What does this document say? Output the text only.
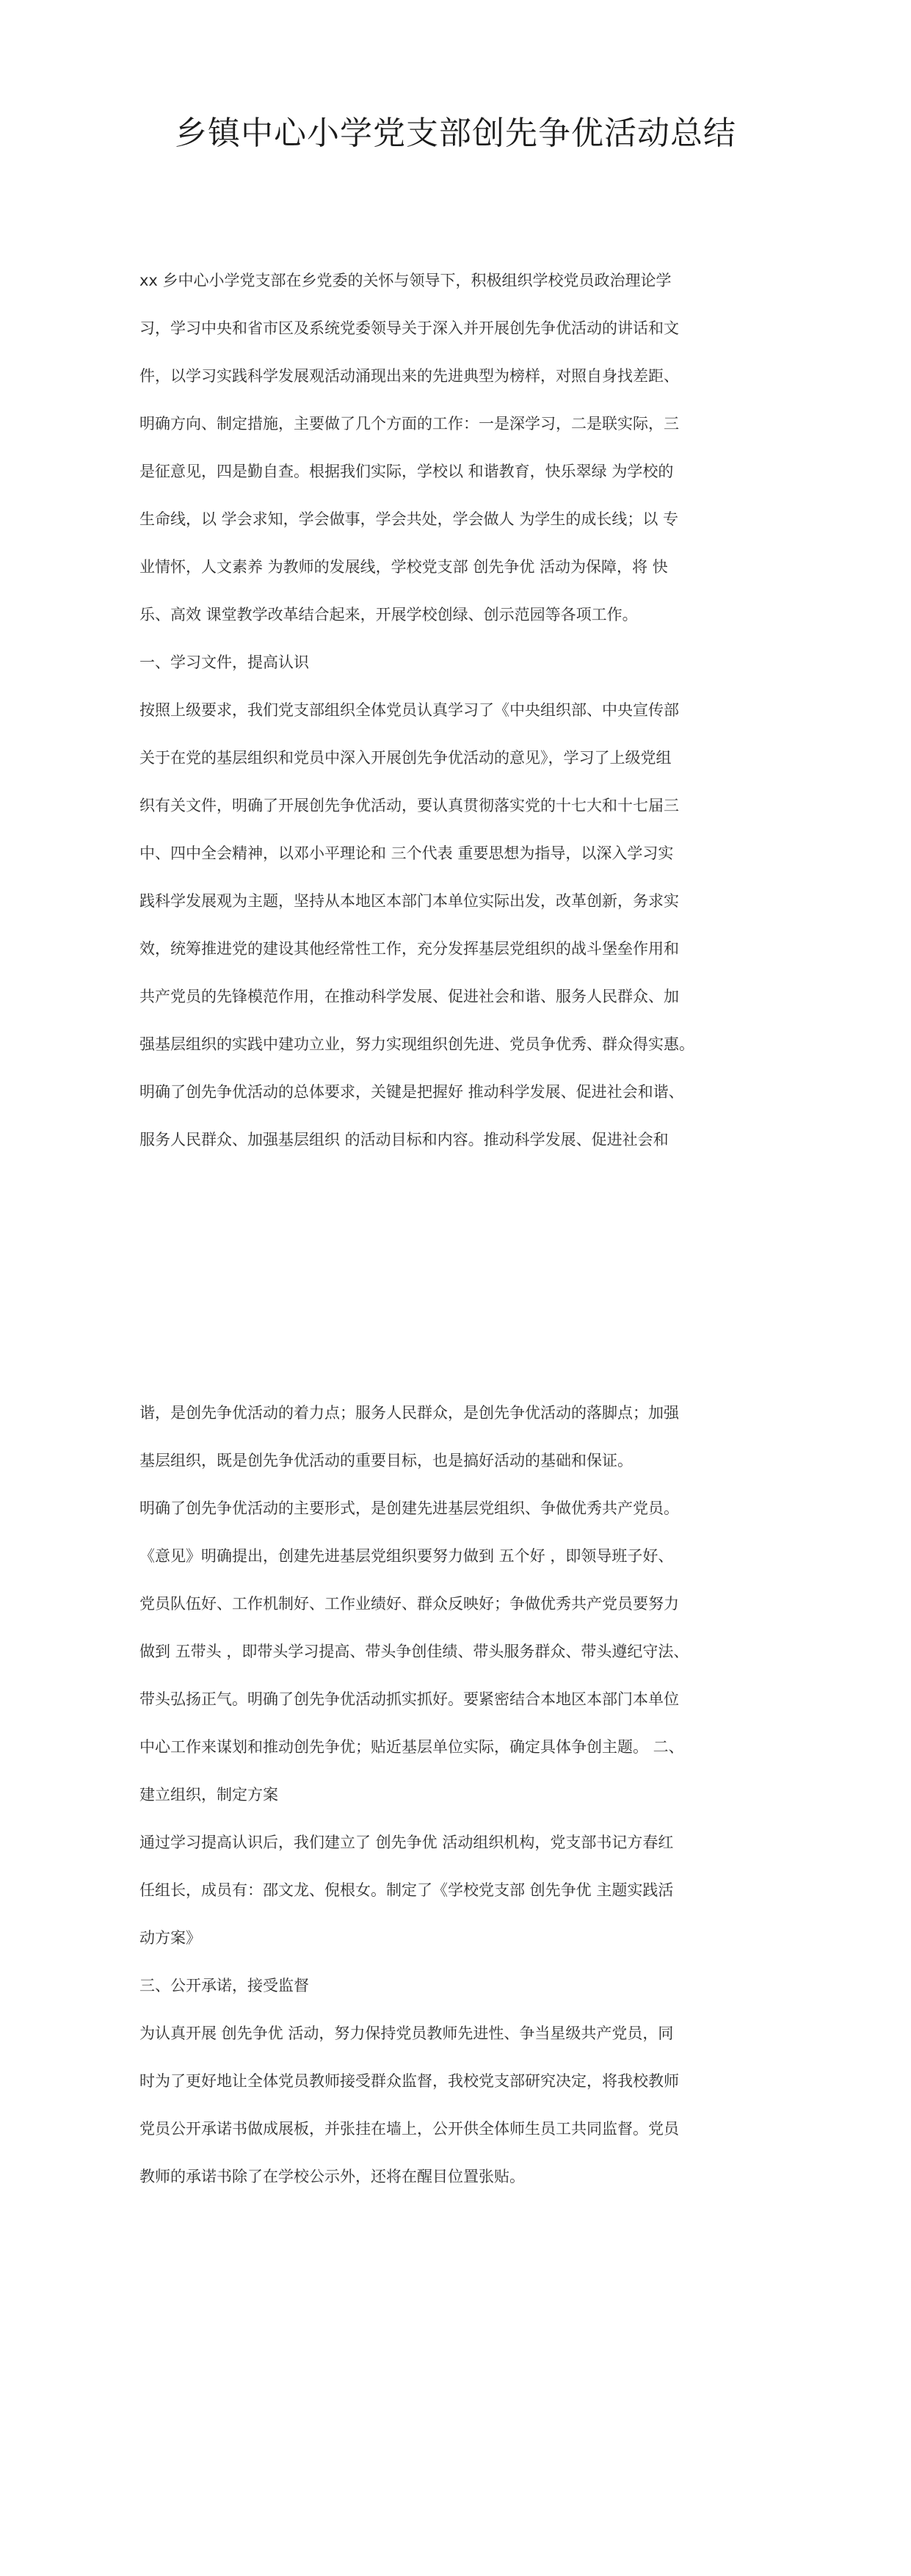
乡镇中心小学党支部创先争优活动总结
xx 乡中心小学党支部在乡党委的关怀与领导下，积极组织学校党员政治理论学
习，学习中央和省市区及系统党委领导关于深入并开展创先争优活动的讲话和文
件，以学习实践科学发展观活动涌现出来的先进典型为榜样，对照自身找差距、
明确方向、制定措施，主要做了几个方面的工作：一是深学习，二是联实际，三
是征意见，四是勤自查。根据我们实际，学校以 和谐教育，快乐翠绿 为学校的
生命线，以 学会求知，学会做事，学会共处，学会做人 为学生的成长线；以 专
业情怀，人文素养 为教师的发展线，学校党支部 创先争优 活动为保障，将 快
乐、高效 课堂教学改革结合起来，开展学校创绿、创示范园等各项工作。
一、学习文件，提高认识
按照上级要求，我们党支部组织全体党员认真学习了《中央组织部、中央宣传部
关于在党的基层组织和党员中深入开展创先争优活动的意见》，学习了上级党组
织有关文件，明确了开展创先争优活动，要认真贯彻落实党的十七大和十七届三
中、四中全会精神，以邓小平理论和 三个代表 重要思想为指导，以深入学习实
践科学发展观为主题，坚持从本地区本部门本单位实际出发，改革创新，务求实
效，统筹推进党的建设其他经常性工作，充分发挥基层党组织的战斗堡垒作用和
共产党员的先锋模范作用，在推动科学发展、促进社会和谐、服务人民群众、加
强基层组织的实践中建功立业，努力实现组织创先进、党员争优秀、群众得实惠。
明确了创先争优活动的总体要求，关键是把握好 推动科学发展、促进社会和谐、
服务人民群众、加强基层组织 的活动目标和内容。推动科学发展、促进社会和
谐，是创先争优活动的着力点；服务人民群众，是创先争优活动的落脚点；加强
基层组织，既是创先争优活动的重要目标，也是搞好活动的基础和保证。
明确了创先争优活动的主要形式，是创建先进基层党组织、争做优秀共产党员。
《意见》明确提出，创建先进基层党组织要努力做到 五个好 ，即领导班子好、
党员队伍好、工作机制好、工作业绩好、群众反映好；争做优秀共产党员要努力
做到 五带头 ，即带头学习提高、带头争创佳绩、带头服务群众、带头遵纪守法、
带头弘扬正气。明确了创先争优活动抓实抓好。要紧密结合本地区本部门本单位
中心工作来谋划和推动创先争优；贴近基层单位实际，确定具体争创主题。 二、
建立组织，制定方案
通过学习提高认识后，我们建立了 创先争优 活动组织机构，党支部书记方春红
任组长，成员有：邵文龙、倪根女。制定了《学校党支部 创先争优 主题实践活
动方案》
三、公开承诺，接受监督
为认真开展 创先争优 活动，努力保持党员教师先进性、争当星级共产党员，同
时为了更好地让全体党员教师接受群众监督，我校党支部研究决定，将我校教师
党员公开承诺书做成展板，并张挂在墙上，公开供全体师生员工共同监督。党员
教师的承诺书除了在学校公示外，还将在醒目位置张贴。
